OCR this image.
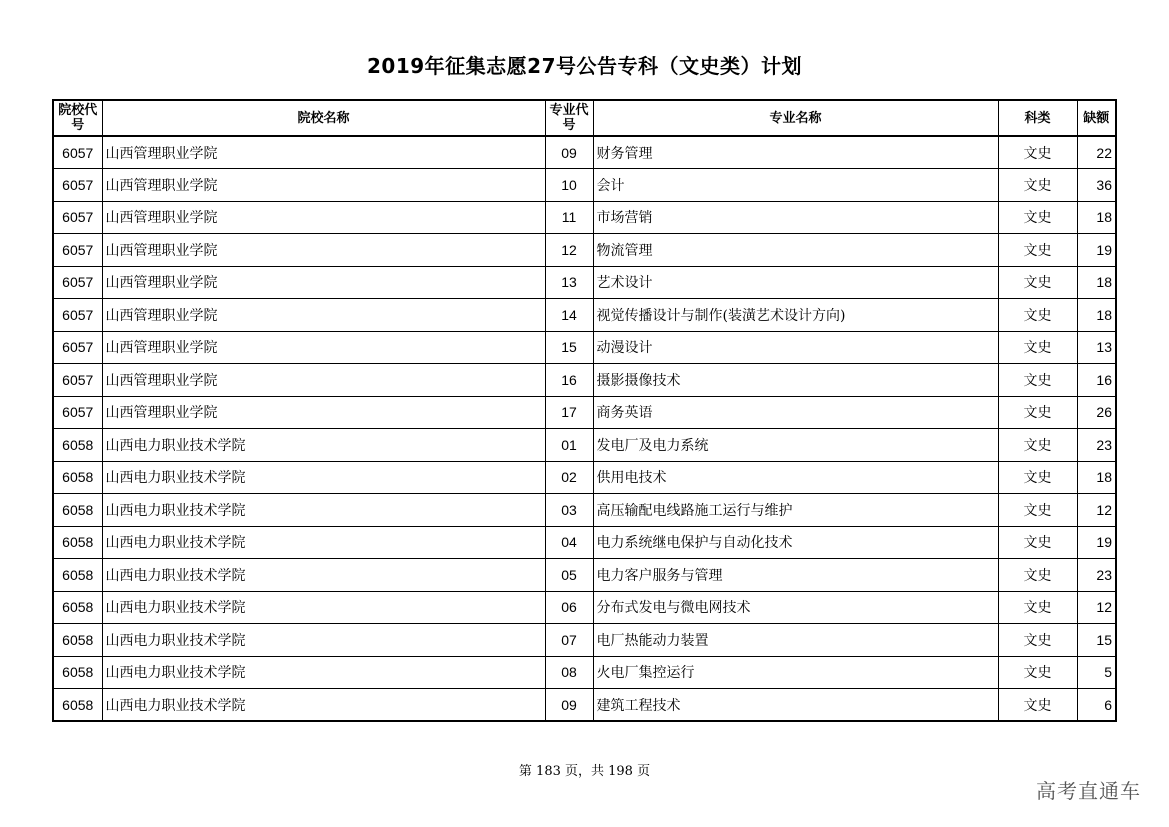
2019年征集志愿27号公告专科（文史类）计划
院校代号	院校名称	专业代号	专业名称	科类	缺额
6057	山西管理职业学院	09	财务管理	文史	22
6057	山西管理职业学院	10	会计	文史	36
6057	山西管理职业学院	11	市场营销	文史	18
6057	山西管理职业学院	12	物流管理	文史	19
6057	山西管理职业学院	13	艺术设计	文史	18
6057	山西管理职业学院	14	视觉传播设计与制作(装潢艺术设计方向)	文史	18
6057	山西管理职业学院	15	动漫设计	文史	13
6057	山西管理职业学院	16	摄影摄像技术	文史	16
6057	山西管理职业学院	17	商务英语	文史	26
6058	山西电力职业技术学院	01	发电厂及电力系统	文史	23
6058	山西电力职业技术学院	02	供用电技术	文史	18
6058	山西电力职业技术学院	03	高压输配电线路施工运行与维护	文史	12
6058	山西电力职业技术学院	04	电力系统继电保护与自动化技术	文史	19
6058	山西电力职业技术学院	05	电力客户服务与管理	文史	23
6058	山西电力职业技术学院	06	分布式发电与微电网技术	文史	12
6058	山西电力职业技术学院	07	电厂热能动力装置	文史	15
6058	山西电力职业技术学院	08	火电厂集控运行	文史	5
6058	山西电力职业技术学院	09	建筑工程技术	文史	6
第 183 页，共 198 页
高考直通车
